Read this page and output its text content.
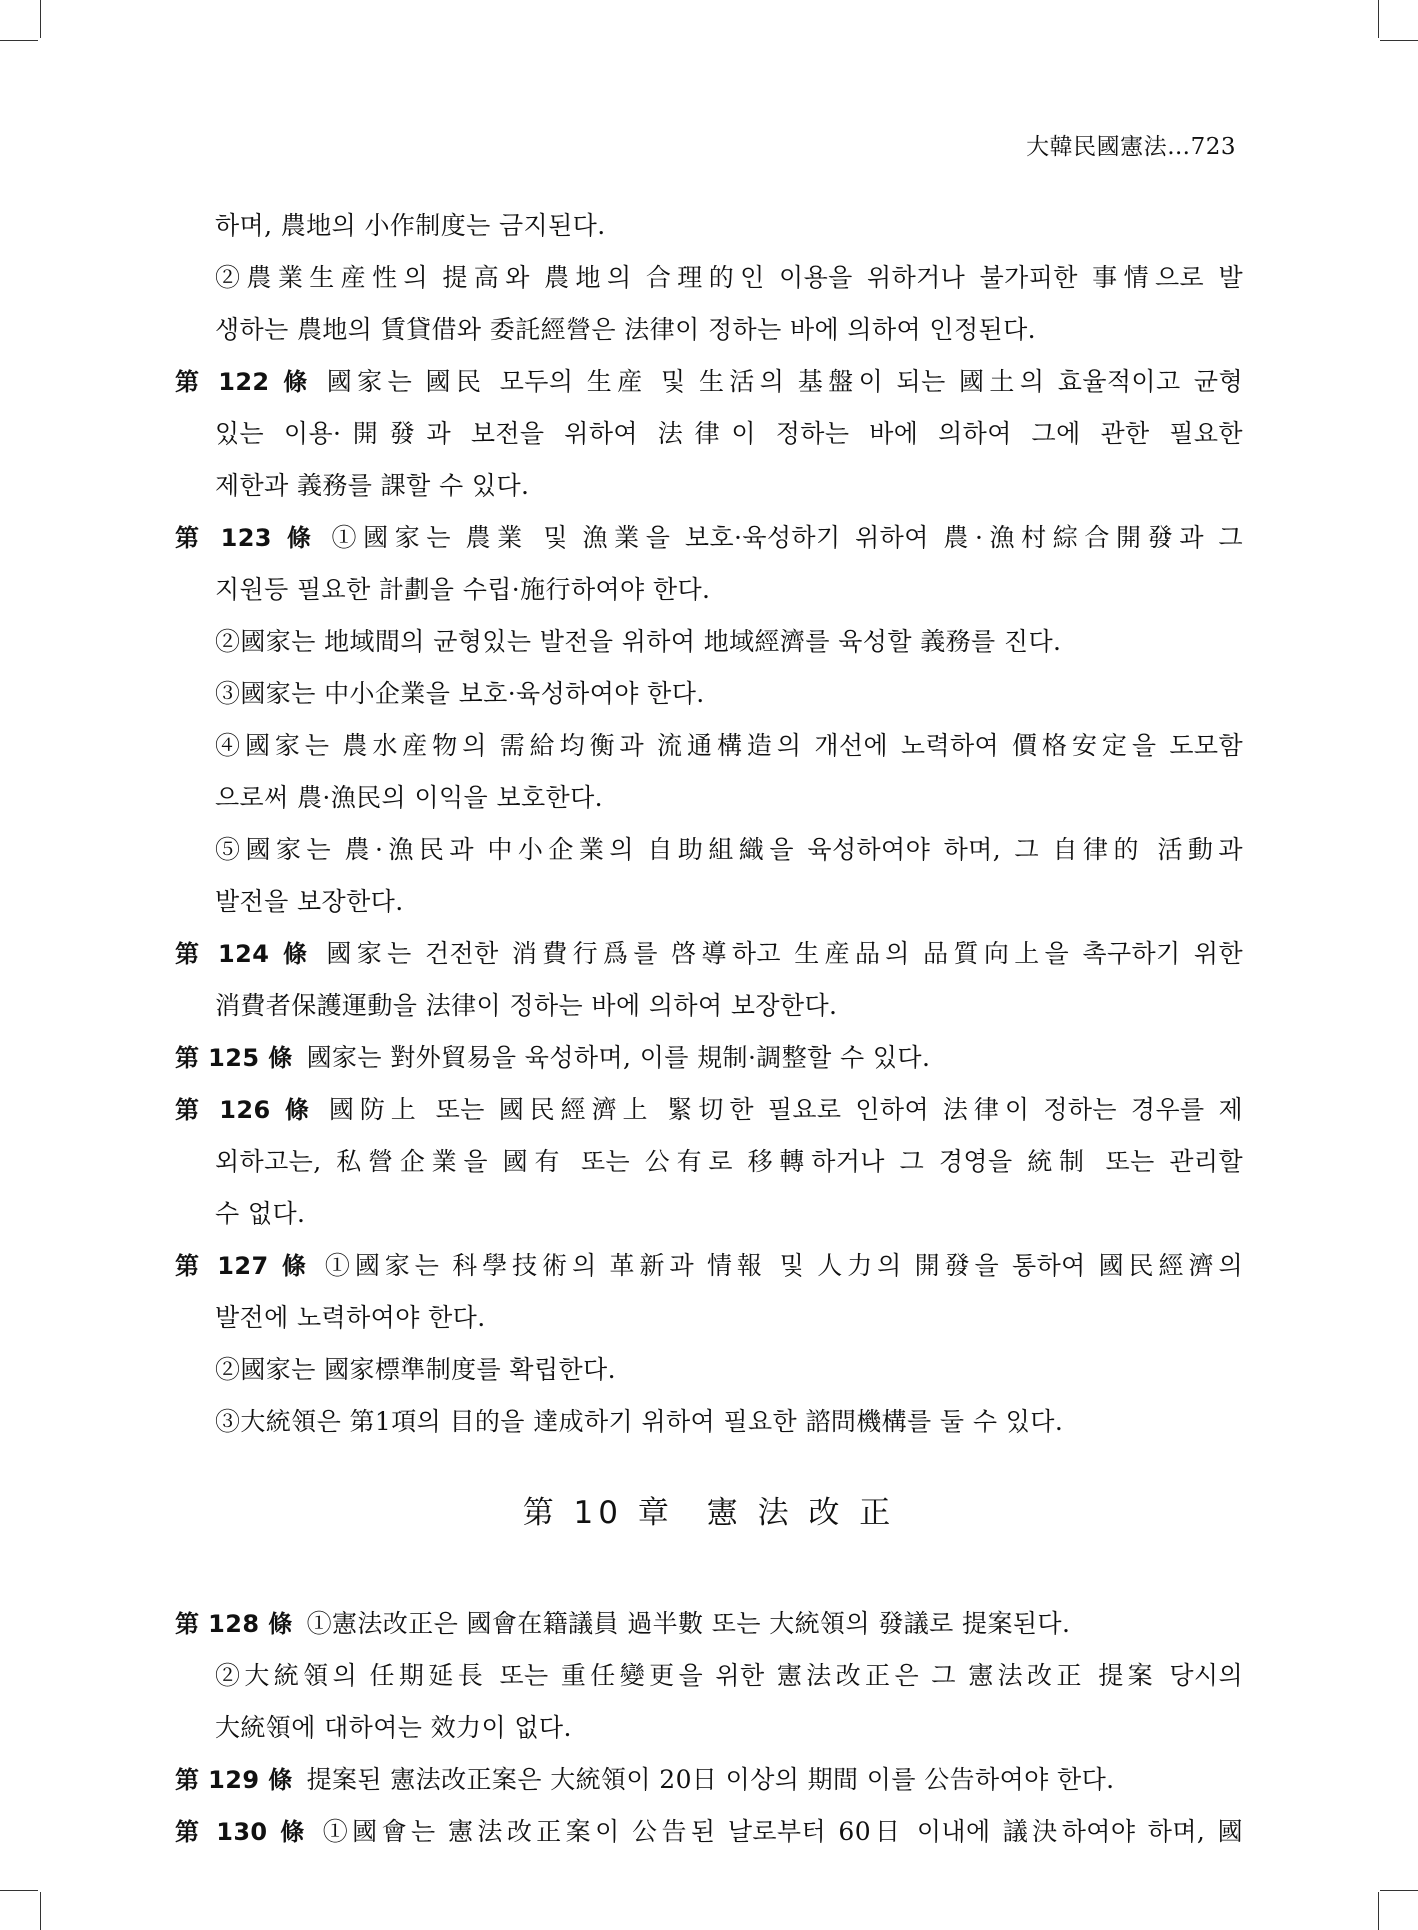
大韓民國憲法…723
하며, 農地의 小作制度는 금지된다.
②農業生産性의 提高와 農地의 合理的인 이용을 위하거나 불가피한 事情으로 발
생하는 農地의 賃貸借와 委託經營은 法律이 정하는 바에 의하여 인정된다.
第 122 條 國家는 國民 모두의 生産 및 生活의 基盤이 되는 國土의 효율적이고 균형
있는 이용·開發과 보전을 위하여 法律이 정하는 바에 의하여 그에 관한 필요한
제한과 義務를 課할 수 있다.
第 123 條 ①國家는 農業 및 漁業을 보호·육성하기 위하여 農·漁村綜合開發과 그
지원등 필요한 計劃을 수립·施行하여야 한다.
②國家는 地域間의 균형있는 발전을 위하여 地域經濟를 육성할 義務를 진다.
③國家는 中小企業을 보호·육성하여야 한다.
④國家는 農水産物의 需給均衡과 流通構造의 개선에 노력하여 價格安定을 도모함
으로써 農·漁民의 이익을 보호한다.
⑤國家는 農·漁民과 中小企業의 自助組織을 육성하여야 하며, 그 自律的 活動과
발전을 보장한다.
第 124 條 國家는 건전한 消費行爲를 啓導하고 生産品의 品質向上을 촉구하기 위한
消費者保護運動을 法律이 정하는 바에 의하여 보장한다.
第 125 條 國家는 對外貿易을 육성하며, 이를 規制·調整할 수 있다.
第 126 條 國防上 또는 國民經濟上 緊切한 필요로 인하여 法律이 정하는 경우를 제
외하고는, 私營企業을 國有 또는 公有로 移轉하거나 그 경영을 統制 또는 관리할
수 없다.
第 127 條 ①國家는 科學技術의 革新과 情報 및 人力의 開發을 통하여 國民經濟의
발전에 노력하여야 한다.
②國家는 國家標準制度를 확립한다.
③大統領은 第1項의 目的을 達成하기 위하여 필요한 諮問機構를 둘 수 있다.
第 10 章 憲 法 改 正
第 128 條 ①憲法改正은 國會在籍議員 過半數 또는 大統領의 發議로 提案된다.
②大統領의 任期延長 또는 重任變更을 위한 憲法改正은 그 憲法改正 提案 당시의
大統領에 대하여는 效力이 없다.
第 129 條 提案된 憲法改正案은 大統領이 20日 이상의 期間 이를 公告하여야 한다.
第 130 條 ①國會는 憲法改正案이 公告된 날로부터 60日 이내에 議決하여야 하며, 國
